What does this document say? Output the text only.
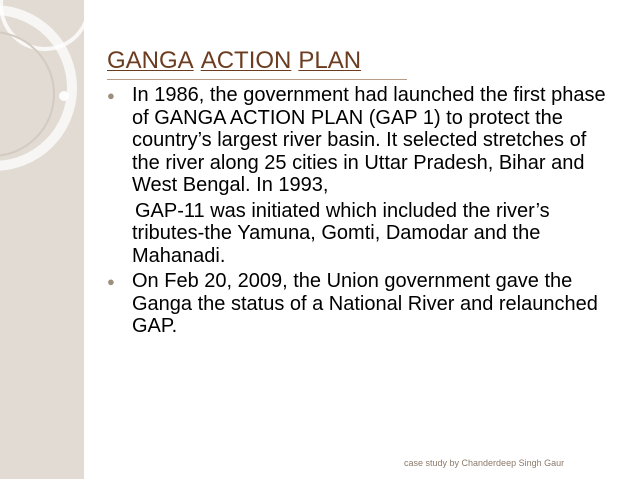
GANGA ACTION PLAN
● In 1986, the government had launched the first phase of GANGA ACTION PLAN (GAP 1) to protect the country’s largest river basin. It selected stretches of the river along 25 cities in Uttar Pradesh, Bihar and West Bengal. In 1993,
GAP-11 was initiated which included the river’s tributes-the Yamuna, Gomti, Damodar and the Mahanadi.
● On Feb 20, 2009, the Union government gave the Ganga the status of a National River and relaunched GAP.
case study by Chanderdeep Singh Gaur
